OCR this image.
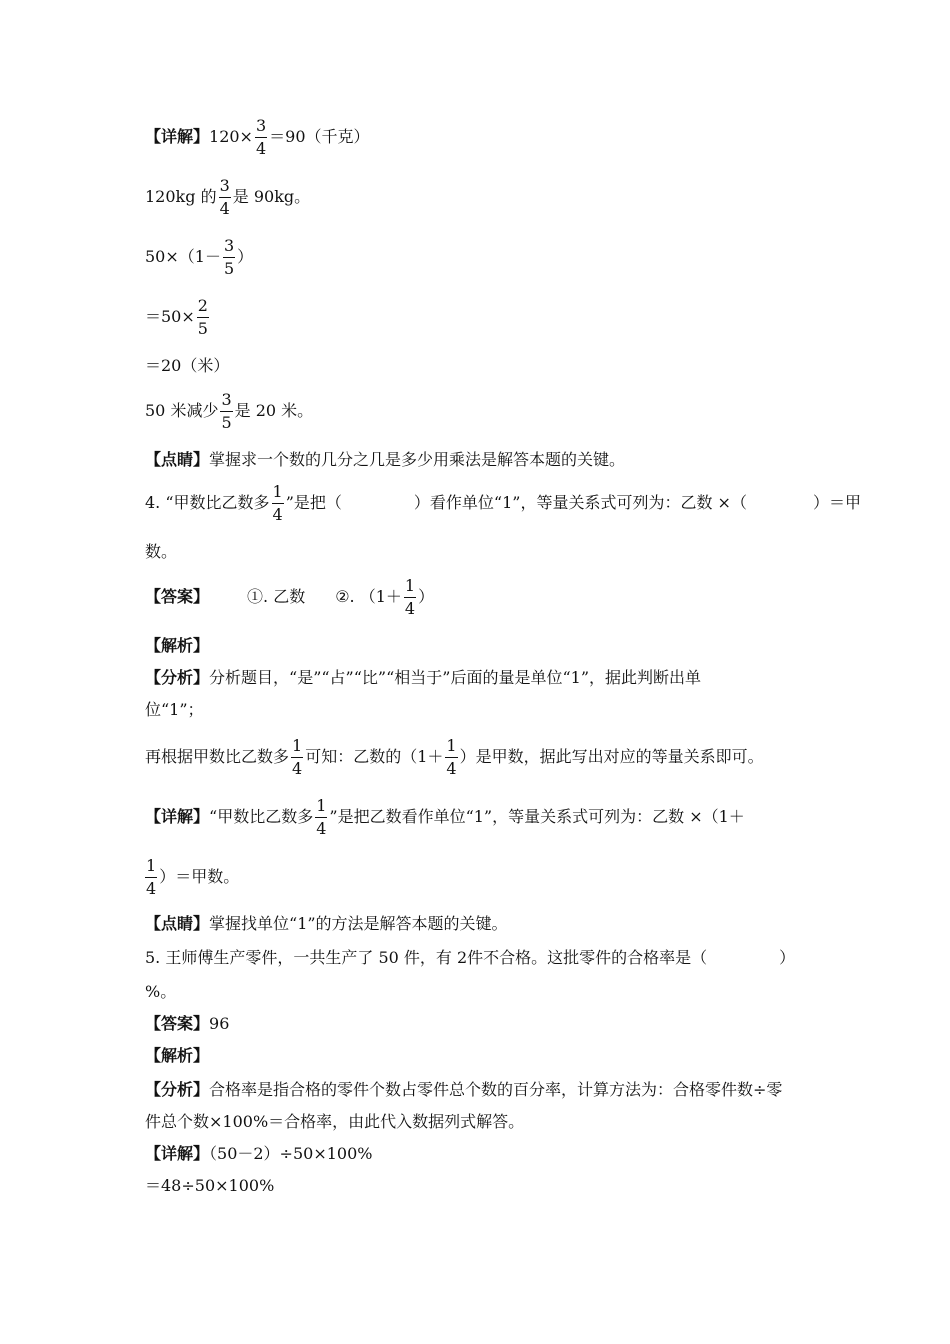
【详解】$120\times \frac{3}{4} =90$（千克）
120kg 的 $\frac{3}{4}$ 是 90kg。
$50\times(1- \frac{3}{5}$ ）
$=50\times \frac{2}{5}$
＝20（米）
50 米减少 $\frac{3}{5}$ 是 20 米。
【点睛】掌握求一个数的几分之几是多少用乘法是解答本题的关键。
4. “甲数比乙数多 $\frac{1}{4}$ ”是把（	）看作单位“1”，等量关系式可列为：乙数 ×（	）＝甲
数。
【答案】 ①. 乙数 ②. （$1+ \frac{1}{4}$ ）
【解析】
【分析】分析题目，“是”“占”“比”“相当于”后面的量是单位“1”，据此判断出单
位“1”；
再根据甲数比乙数多 $\frac{1}{4}$ 可知：乙数的（$1+ \frac{1}{4}$ ）是甲数，据此写出对应的等量关系即可。
【详解】“甲数比乙数多 $\frac{1}{4}$ ”是把乙数看作单位“1”，等量关系式可列为：乙数 ×（1＋
$\frac{1}{4}$ ）＝甲数。
【点睛】掌握找单位“1”的方法是解答本题的关键。
5. 王师傅生产零件，一共生产了 50 件，有 2件不合格。这批零件的合格率是（	）
%。
【答案】96
【解析】
【分析】合格率是指合格的零件个数占零件总个数的百分率，计算方法为：合格零件数÷零
件总个数×100%＝合格率，由此代入数据列式解答。
【详解】（50－2）÷50×100%
＝48÷50×100%
